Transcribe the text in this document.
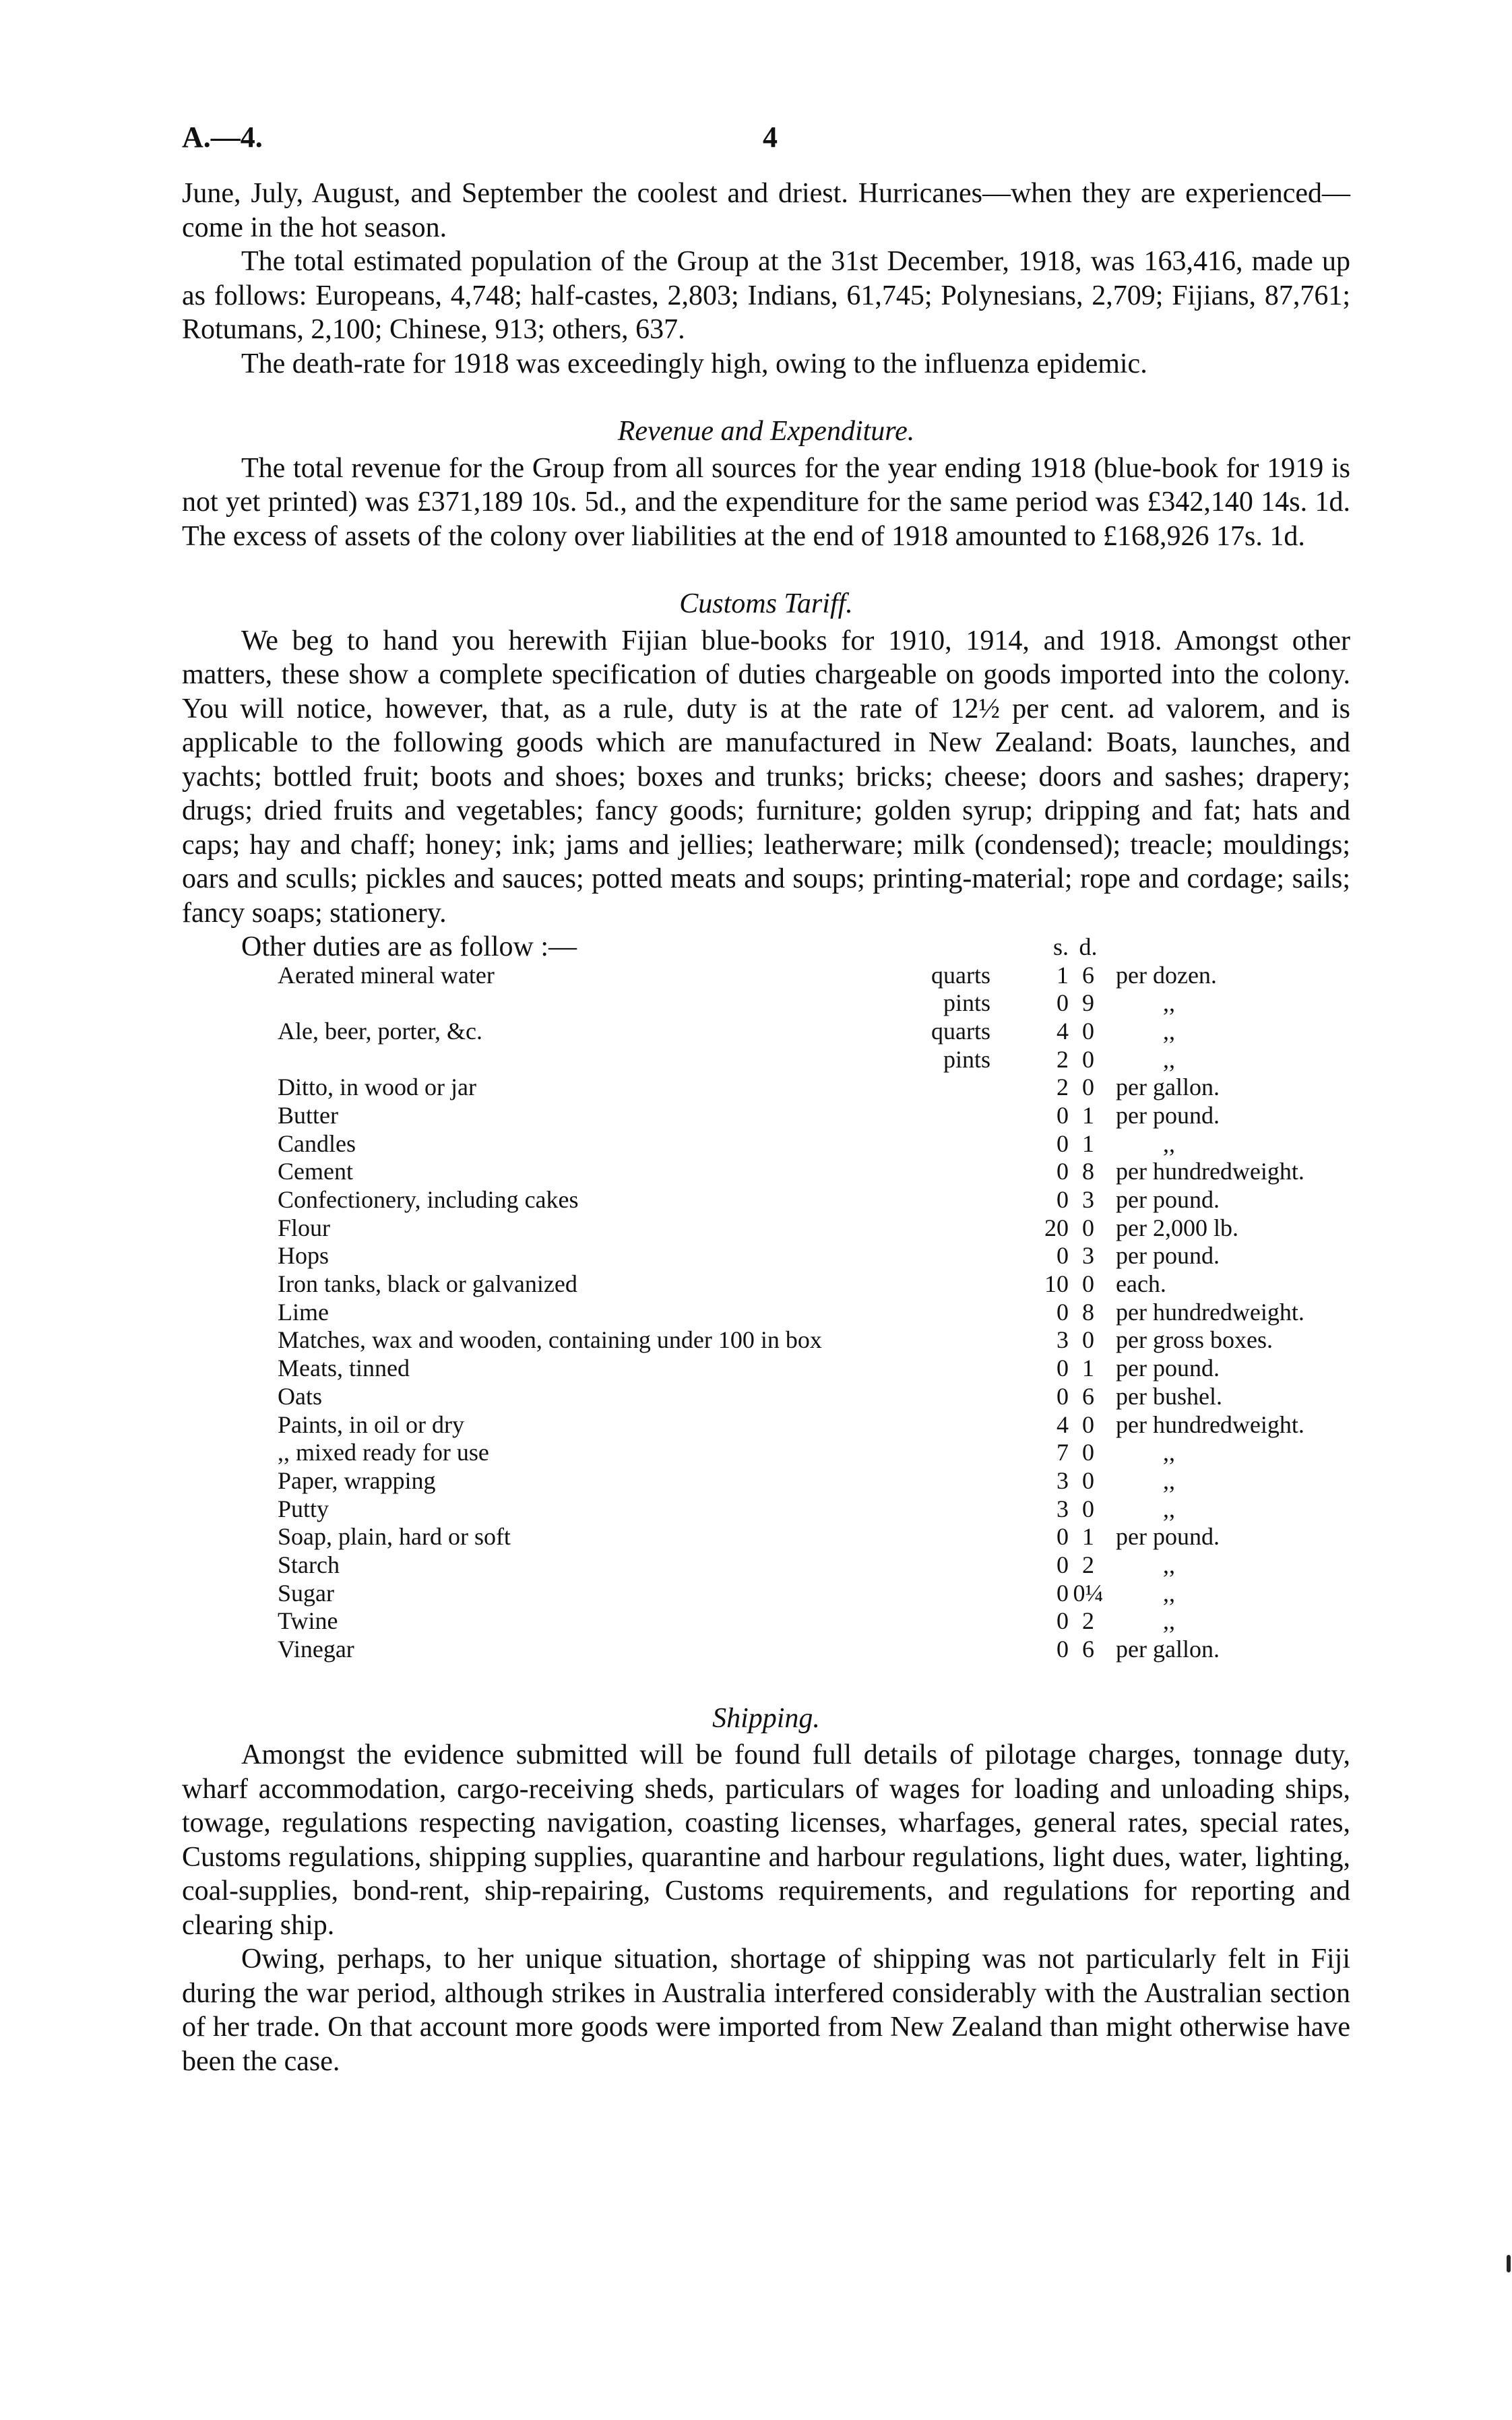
A.—4.	4

June, July, August, and September the coolest and driest. Hurricanes—when they are experienced—come in the hot season.

The total estimated population of the Group at the 31st December, 1918, was 163,416, made up as follows: Europeans, 4,748; half-castes, 2,803; Indians, 61,745; Polynesians, 2,709; Fijians, 87,761; Rotumans, 2,100; Chinese, 913; others, 637.

The death-rate for 1918 was exceedingly high, owing to the influenza epidemic.

Revenue and Expenditure.

The total revenue for the Group from all sources for the year ending 1918 (blue-book for 1919 is not yet printed) was £371,189 10s. 5d., and the expenditure for the same period was £342,140 14s. 1d. The excess of assets of the colony over liabilities at the end of 1918 amounted to £168,926 17s. 1d.

Customs Tariff.

We beg to hand you herewith Fijian blue-books for 1910, 1914, and 1918. Amongst other matters, these show a complete specification of duties chargeable on goods imported into the colony. You will notice, however, that, as a rule, duty is at the rate of 12½ per cent. ad valorem, and is applicable to the following goods which are manufactured in New Zealand: Boats, launches, and yachts; bottled fruit; boots and shoes; boxes and trunks; bricks; cheese; doors and sashes; drapery; drugs; dried fruits and vegetables; fancy goods; furniture; golden syrup; dripping and fat; hats and caps; hay and chaff; honey; ink; jams and jellies; leatherware; milk (condensed); treacle; mouldings; oars and sculls; pickles and sauces; potted meats and soups; printing-material; rope and cordage; sails; fancy soaps; stationery.

Other duties are as follow :—	s. d.
Aerated mineral water	quarts	1 6 per dozen.
pints	0 9	,,
Ale, beer, porter, &c.	quarts	4 0	,,
pints	2 0	,,
Ditto, in wood or jar	2 0 per gallon.
Butter	0 1 per pound.
Candles	0 1	,,
Cement	0 8 per hundredweight.
Confectionery, including cakes	0 3 per pound.
Flour	20 0 per 2,000 lb.
Hops	0 3 per pound.
Iron tanks, black or galvanized	10 0 each.
Lime	0 8 per hundredweight.
Matches, wax and wooden, containing under 100 in box	3 0 per gross boxes.
Meats, tinned	0 1 per pound.
Oats	0 6 per bushel.
Paints, in oil or dry	4 0 per hundredweight.
,, mixed ready for use	7 0	,,
Paper, wrapping	3 0	,,
Putty	3 0	,,
Soap, plain, hard or soft	0 1 per pound.
Starch	0 2	,,
Sugar	0 0¼	,,
Twine	0 2	,,
Vinegar	0 6 per gallon.
Shipping.

Amongst the evidence submitted will be found full details of pilotage charges, tonnage duty, wharf accommodation, cargo-receiving sheds, particulars of wages for loading and unloading ships, towage, regulations respecting navigation, coasting licenses, wharfages, general rates, special rates, Customs regulations, shipping supplies, quarantine and harbour regulations, light dues, water, lighting, coal-supplies, bond-rent, ship-repairing, Customs requirements, and regulations for reporting and clearing ship.

Owing, perhaps, to her unique situation, shortage of shipping was not particularly felt in Fiji during the war period, although strikes in Australia interfered considerably with the Australian section of her trade. On that account more goods were imported from New Zealand than might otherwise have been the case.
